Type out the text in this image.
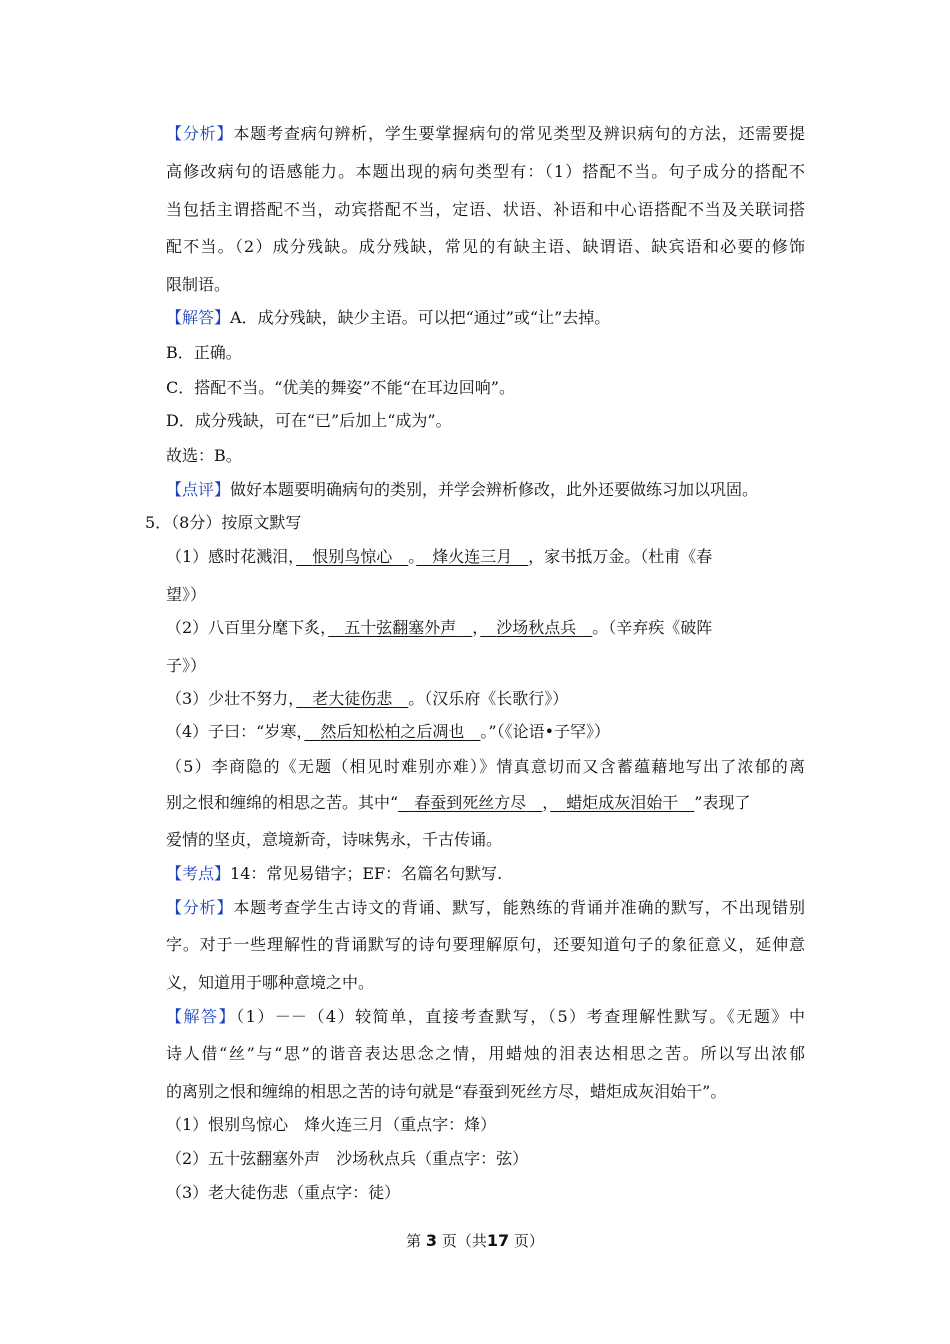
【分析】本题考查病句辨析，学生要掌握病句的常见类型及辨识病句的方法，还需要提
高修改病句的语感能力。本题出现的病句类型有：（1）搭配不当。句子成分的搭配不
当包括主谓搭配不当，动宾搭配不当，定语、状语、补语和中心语搭配不当及关联词搭
配不当。（2）成分残缺。成分残缺，常见的有缺主语、缺谓语、缺宾语和必要的修饰
限制语。
【解答】A．成分残缺，缺少主语。可以把“通过”或“让”去掉。
B．正确。
C．搭配不当。“优美的舞姿”不能“在耳边回响”。
D．成分残缺，可在“已”后加上“成为”。
故选：B。
【点评】做好本题要明确病句的类别，并学会辨析修改，此外还要做练习加以巩固。
5．（8分）按原文默写
（1）感时花溅泪，　 恨别鸟惊心　 。　 烽火连三月　 ，家书抵万金。（杜甫《春
望》）
（2）八百里分麾下炙，　 五十弦翻塞外声　 ，　 沙场秋点兵　 。（辛弃疾《破阵
子》）
（3）少壮不努力，　 老大徒伤悲　 。（汉乐府《长歌行》）
（4）子曰：“岁寒，　 然后知松柏之后凋也　 。”（《论语•子罕》）
（5）李商隐的《无题（相见时难别亦难）》情真意切而又含蓄蕴藉地写出了浓郁的离
别之恨和缠绵的相思之苦。其中“　 春蚕到死丝方尽　 ，　 蜡炬成灰泪始干　 ”表现了
爱情的坚贞，意境新奇，诗味隽永，千古传诵。
【考点】14：常见易错字；EF：名篇名句默写.
【分析】本题考查学生古诗文的背诵、默写，能熟练的背诵并准确的默写，不出现错别
字。对于一些理解性的背诵默写的诗句要理解原句，还要知道句子的象征意义，延伸意
义，知道用于哪种意境之中。
【解答】（1）－－（4）较简单，直接考查默写，（5）考查理解性默写。《无题》中
诗人借“丝”与“思”的谐音表达思念之情，用蜡烛的泪表达相思之苦。所以写出浓郁
的离别之恨和缠绵的相思之苦的诗句就是“春蚕到死丝方尽，蜡炬成灰泪始干”。
（1）恨别鸟惊心　烽火连三月（重点字：烽）
（2）五十弦翻塞外声　沙场秋点兵（重点字：弦）
（3）老大徒伤悲（重点字：徒）
第 3 页（共17 页）
